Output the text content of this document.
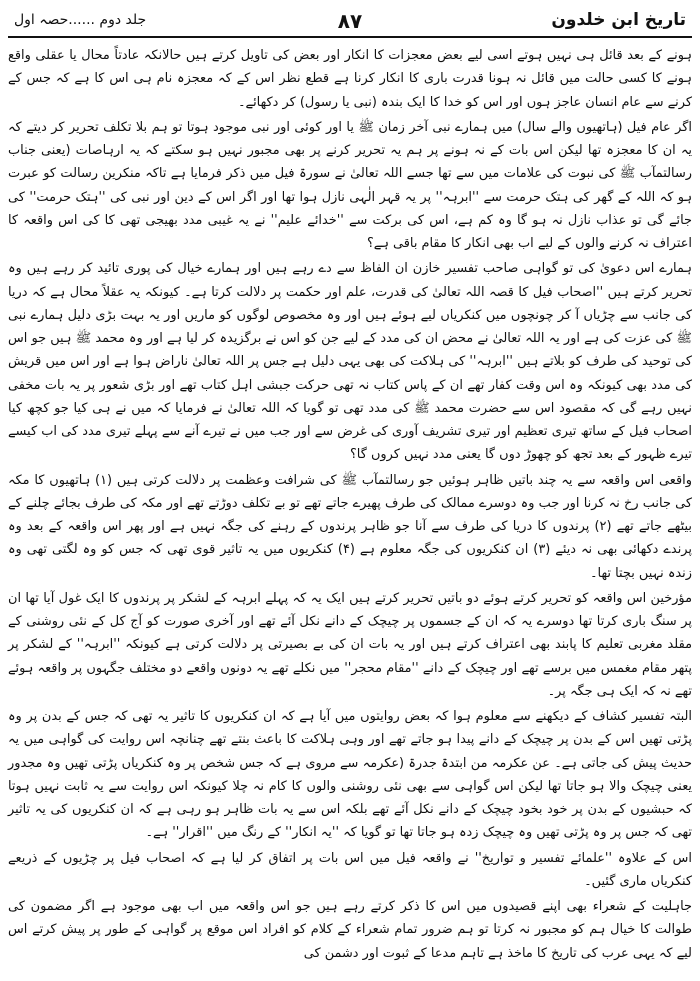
تاریخ ابن خلدون
۸۷
جلد دوم ......حصہ اول

ہونے کے بعد قائل ہی نہیں ہوتے اسی لیے بعض معجزات کا انکار اور بعض کی تاویل کرتے ہیں حالانکہ عادتاً محال یا عقلی واقع ہونے کا کسی حالت میں قائل نہ ہونا قدرت باری کا انکار کرنا ہے قطع نظر اس کے کہ معجزہ نام ہی اس کا ہے کہ جس کے کرنے سے عام انسان عاجز ہوں اور اس کو خدا کا ایک بندہ (نبی یا رسول) کر دکھائے۔

اگر عام فیل (ہاتھیوں والے سال) میں ہمارے نبی آخر زمان ﷺ یا اور کوئی اور نبی موجود ہوتا تو ہم بلا تکلف تحریر کر دیتے کہ یہ ان کا معجزہ تھا لیکن اس بات کے نہ ہونے پر ہم یہ تحریر کرنے پر بھی مجبور نہیں ہو سکتے کہ یہ ارہاصات (یعنی جناب رسالتمآب ﷺ کی نبوت کی علامات میں سے تھا جسے اللہ تعالیٰ نے سورۃ فیل میں ذکر فرمایا ہے تاکہ منکرین رسالت کو عبرت ہو کہ اللہ کے گھر کی ہتک حرمت سے ''ابرہہ'' پر یہ قہر الٰہی نازل ہوا تھا اور اگر اس کے دین اور نبی کی ''ہتک حرمت'' کی جائے گی تو عذاب نازل نہ ہو گا وہ کم ہے، اس کی برکت سے ''خدائے علیم'' نے یہ غیبی مدد بھیجی تھی کا کی اس واقعہ کا اعتراف نہ کرنے والوں کے لیے اب بھی انکار کا مقام باقی ہے؟

ہمارے اس دعویٰ کی تو گواہی صاحب تفسیر خازن ان الفاظ سے دے رہے ہیں اور ہمارے خیال کی پوری تائید کر رہے ہیں وہ تحریر کرتے ہیں ''اصحاب فیل کا قصہ اللہ تعالیٰ کی قدرت، علم اور حکمت پر دلالت کرتا ہے۔ کیونکہ یہ عقلاً محال ہے کہ دریا کی جانب سے چڑیاں آ کر چونچوں میں کنکریاں لیے ہوئے ہیں اور وہ مخصوص لوگوں کو ماریں اور یہ بہت بڑی دلیل ہمارے نبی ﷺ کی عزت کی ہے اور یہ اللہ تعالیٰ نے محض ان کی مدد کے لیے جن کو اس نے برگزیدہ کر لیا ہے اور وہ محمد ﷺ ہیں جو اس کی توحید کی طرف کو بلاتے ہیں ''ابرہہ'' کی ہلاکت کی بھی یہی دلیل ہے جس پر اللہ تعالیٰ ناراض ہوا ہے اور اس میں قریش کی مدد بھی کیونکہ وہ اس وقت کفار تھے ان کے پاس کتاب نہ تھی حرکت جبشی اہل کتاب تھے اور بڑی شعور پر یہ بات مخفی نہیں رہے گی کہ مقصود اس سے حضرت محمد ﷺ کی مدد تھی تو گویا کہ اللہ تعالیٰ نے فرمایا کہ میں نے ہی کیا جو کچھ کیا اصحاب فیل کے ساتھ تیری تعظیم اور تیری تشریف آوری کی غرض سے اور جب میں نے تیرے آنے سے پہلے تیری مدد کی اب کیسے تیرے ظہور کے بعد تجھ کو چھوڑ دوں گا یعنی مدد نہیں کروں گا؟

واقعی اس واقعہ سے یہ چند باتیں ظاہر ہوئیں جو رسالتمآب ﷺ کی شرافت وعظمت پر دلالت کرتی ہیں (۱) ہاتھیوں کا مکہ کی جانب رخ نہ کرنا اور جب وہ دوسرے ممالک کی طرف پھیرے جاتے تھے تو بے تکلف دوڑتے تھے اور مکہ کی طرف بجائے چلنے کے بیٹھے جاتے تھے (۲) پرندوں کا دریا کی طرف سے آنا جو ظاہر پرندوں کے رہنے کی جگہ نہیں ہے اور پھر اس واقعہ کے بعد وہ پرندے دکھائی بھی نہ دیئے (۳) ان کنکریوں کی جگہ معلوم ہے (۴) کنکریوں میں یہ تاثیر قوی تھی کہ جس کو وہ لگتی تھی وہ زندہ نہیں بچتا تھا۔

مؤرخین اس واقعہ کو تحریر کرتے ہوئے دو باتیں تحریر کرتے ہیں ایک یہ کہ پہلے ابرہہ کے لشکر پر پرندوں کا ایک غول آیا تھا ان پر سنگ باری کرتا تھا دوسرے یہ کہ ان کے جسموں پر چیچک کے دانے نکل آئے تھے اور آخری صورت کو آج کل کے نئی روشنی کے مقلد مغربی تعلیم کا پابند بھی اعتراف کرتے ہیں اور یہ بات ان کی بے بصیرتی پر دلالت کرتی ہے کیونکہ ''ابرہہ'' کے لشکر پر پتھر مقام مغمس میں برسے تھے اور چیچک کے دانے ''مقام محجر'' میں نکلے تھے یہ دونوں واقعے دو مختلف جگہوں پر واقعہ ہوئے تھے نہ کہ ایک ہی جگہ پر۔

البتہ تفسیر کشاف کے دیکھنے سے معلوم ہوا کہ بعض روایتوں میں آیا ہے کہ ان کنکریوں کا تاثیر یہ تھی کہ جس کے بدن پر وہ پڑتی تھیں اس کے بدن پر چیچک کے دانے پیدا ہو جاتے تھے اور وہی ہلاکت کا باعث بنتے تھے چنانچہ اس روایت کی گواہی میں یہ حدیث پیش کی جاتی ہے۔ عن عکرمہ من ابتدۃ جدرۃ (عکرمہ سے مروی ہے کہ جس شخص پر وہ کنکریاں پڑتی تھیں وہ مجدور یعنی چیچک والا ہو جاتا تھا لیکن اس گواہی سے بھی نئی روشنی والوں کا کام نہ چلا کیونکہ اس روایت سے یہ ثابت نہیں ہوتا کہ حبشیوں کے بدن پر خود بخود چیچک کے دانے نکل آئے تھے بلکہ اس سے یہ بات ظاہر ہو رہی ہے کہ ان کنکریوں کی یہ تاثیر تھی کہ جس پر وہ پڑتی تھیں وہ چیچک زدہ ہو جاتا تھا تو گویا کہ ''یہ انکار'' کے رنگ میں ''اقرار'' ہے۔

اس کے علاوہ ''علمائے تفسیر و تواریخ'' نے واقعہ فیل میں اس بات پر اتفاق کر لیا ہے کہ اصحاب فیل پر چڑیوں کے ذریعے کنکریاں ماری گئیں۔

جاہلیت کے شعراء بھی اپنے قصیدوں میں اس کا ذکر کرتے رہے ہیں جو اس واقعہ میں اب بھی موجود ہے اگر مضمون کی طوالت کا خیال ہم کو مجبور نہ کرتا تو ہم ضرور تمام شعراء کے کلام کو افراد اس موقع پر گواہی کے طور پر پیش کرتے اس لیے کہ یہی عرب کی تاریخ کا ماخذ ہے تاہم مدعا کے ثبوت اور دشمن کی
